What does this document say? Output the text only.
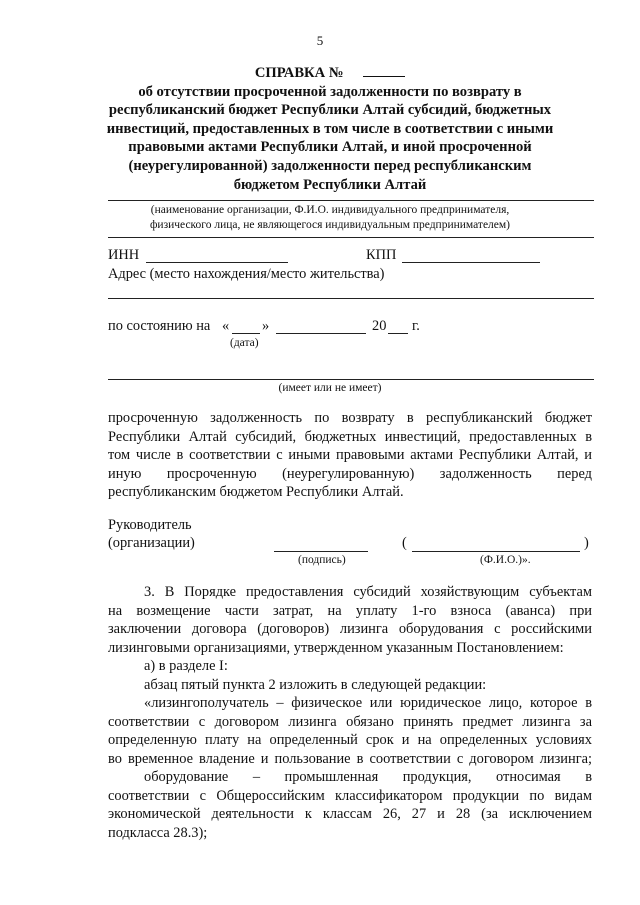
5
СПРАВКА №
об отсутствии просроченной задолженности по возврату в
республиканский бюджет Республики Алтай субсидий, бюджетных
инвестиций, предоставленных в том числе в соответствии с иными
правовыми актами Республики Алтай, и иной просроченной
(неурегулированной) задолженности перед республиканским
бюджетом Республики Алтай
(наименование организации, Ф.И.О. индивидуального предпринимателя,
физического лица, не являющегося индивидуальным предпринимателем)
ИНН	КПП
Адрес (место нахождения/место жительства)
по состоянию на « »	20 г.
(дата)
(имеет или не имеет)
просроченную задолженность по возврату в республиканский бюджет
Республики Алтай субсидий, бюджетных инвестиций, предоставленных в
том числе в соответствии с иными правовыми актами Республики Алтай, и
иную просроченную (неурегулированную) задолженность перед
республиканским бюджетом Республики Алтай.
Руководитель
(организации)
(подпись)
(	)
(Ф.И.О.)».
3. В Порядке предоставления субсидий хозяйствующим субъектам
на возмещение части затрат, на уплату 1-го взноса (аванса) при
заключении договора (договоров) лизинга оборудования с российскими
лизинговыми организациями, утвержденном указанным Постановлением:
а) в разделе I:
абзац пятый пункта 2 изложить в следующей редакции:
«лизингополучатель – физическое или юридическое лицо, которое в
соответствии с договором лизинга обязано принять предмет лизинга за
определенную плату на определенный срок и на определенных условиях
во временное владение и пользование в соответствии с договором лизинга;
оборудование – промышленная продукция, относимая в
соответствии с Общероссийским классификатором продукции по видам
экономической деятельности к классам 26, 27 и 28 (за исключением
подкласса 28.3);
